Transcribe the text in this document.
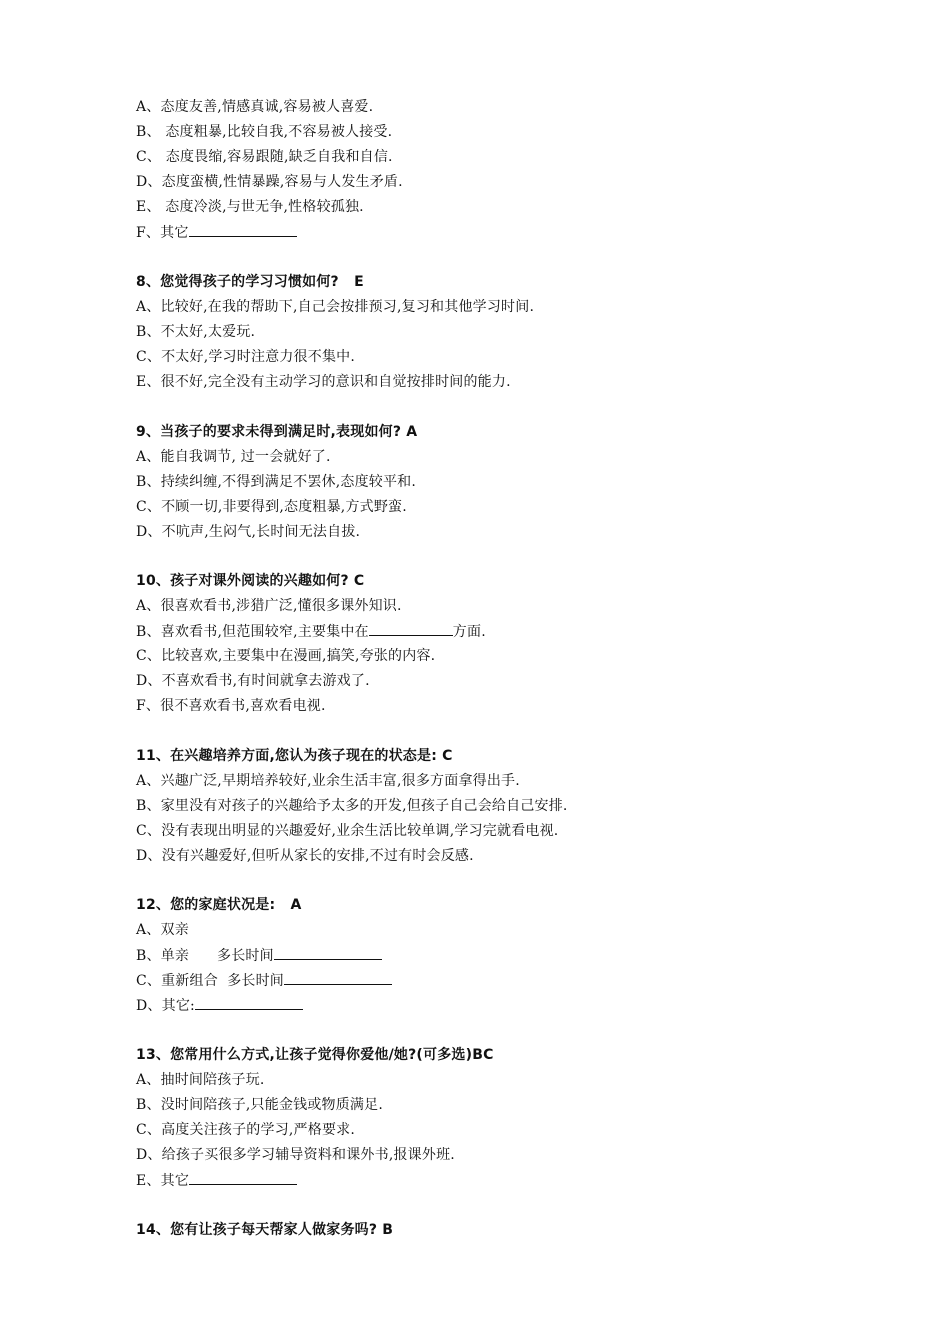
A、态度友善,情感真诚,容易被人喜爱.
B、 态度粗暴,比较自我,不容易被人接受.
C、 态度畏缩,容易跟随,缺乏自我和自信.
D、态度蛮横,性情暴躁,容易与人发生矛盾.
E、 态度冷淡,与世无争,性格较孤独.
F、其它
8、您觉得孩子的学习习惯如何?   E
A、比较好,在我的帮助下,自己会按排预习,复习和其他学习时间.
B、不太好,太爱玩.
C、不太好,学习时注意力很不集中.
E、很不好,完全没有主动学习的意识和自觉按排时间的能力.
9、当孩子的要求未得到满足时,表现如何? A
A、能自我调节, 过一会就好了.
B、持续纠缠,不得到满足不罢休,态度较平和.
C、不顾一切,非要得到,态度粗暴,方式野蛮.
D、不吭声,生闷气,长时间无法自拔.
10、孩子对课外阅读的兴趣如何? C
A、很喜欢看书,涉猎广泛,懂很多课外知识.
B、喜欢看书,但范围较窄,主要集中在	方面.
C、比较喜欢,主要集中在漫画,搞笑,夸张的内容.
D、不喜欢看书,有时间就拿去游戏了.
F、很不喜欢看书,喜欢看电视.
11、在兴趣培养方面,您认为孩子现在的状态是: C
A、兴趣广泛,早期培养较好,业余生活丰富,很多方面拿得出手.
B、家里没有对孩子的兴趣给予太多的开发,但孩子自己会给自己安排.
C、没有表现出明显的兴趣爱好,业余生活比较单调,学习完就看电视.
D、没有兴趣爱好,但听从家长的安排,不过有时会反感.
12、您的家庭状况是:   A
A、双亲
B、单亲      多长时间
C、重新组合  多长时间
D、其它:
13、您常用什么方式,让孩子觉得你爱他/她?(可多选)BC
A、抽时间陪孩子玩.
B、没时间陪孩子,只能金钱或物质满足.
C、高度关注孩子的学习,严格要求.
D、给孩子买很多学习辅导资料和课外书,报课外班.
E、其它
14、您有让孩子每天帮家人做家务吗? B
